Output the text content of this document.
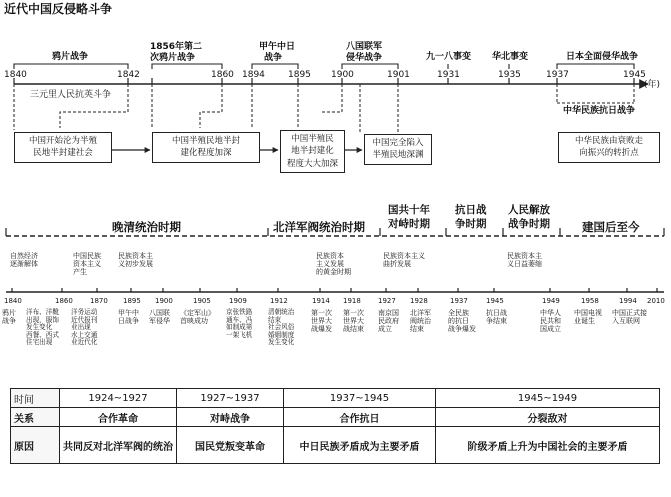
近代中国反侵略斗争
鸦片战争
1856年第二
次鸦片战争
甲午中日
战争
八国联军
侵华战争	九一八事变 华北事变	日本全面侵华战争
1840	1842	1860 1894	1895 1900	1901	1931	1935	1937	1945
(年)
三元里人民抗英斗争
中华民族抗日战争
中国开始沦为半殖
民地半封建社会
中国半殖民地半封
建化程度加深
中国半殖民
地半封建化
程度大大加深
中国完全陷入
半殖民地深渊
中华民族由衰败走
向振兴的转折点
晚清统治时期	北洋军阀统治时期
国共十年
对峙时期
抗日战
争时期
人民解放
战争时期	建国后至今
自然经济
逐渐解体
中国民族
资本主义
产生
民族资本主
义初步发展
民族资本
主义发展
的黄金时期
民族资本主义
曲折发展
民族资本主
义日益萎缩
1840	1860 1870 1895 1900	1905	1909	1912	1914 1918 1927 1928	1937	1945	1949	1958	1994 2010
鸦片
战争
洋布、洋靴
出现，服饰
发生变化
西餐、西式
住宅出现
洋务运动
近代报刊
业出现
水上交通
业近代化
甲午中
日战争
八国联
军侵华
《定军山》
首映成功
京张铁路
通车、冯
如制成第
一架飞机
清朝统治
结束
社会风俗
婚姻制度
发生变化
第一次
世界大
战爆发
第一次
世界大
战结束
南京国
民政府
成立
北洋军
阀统治
结束
全民族
的抗日
战争爆发
抗日战
争结束
中华人
民共和
国成立
中国电视
业诞生
中国正式接
入互联网
时间	1924~1927	1927~1937	1937~1945	1945~1949
关系	合作革命	对峙战争	合作抗日	分裂敌对
原因	共同反对北洋军阀的统治	国民党叛变革命	中日民族矛盾成为主要矛盾	阶级矛盾上升为中国社会的主要矛盾
